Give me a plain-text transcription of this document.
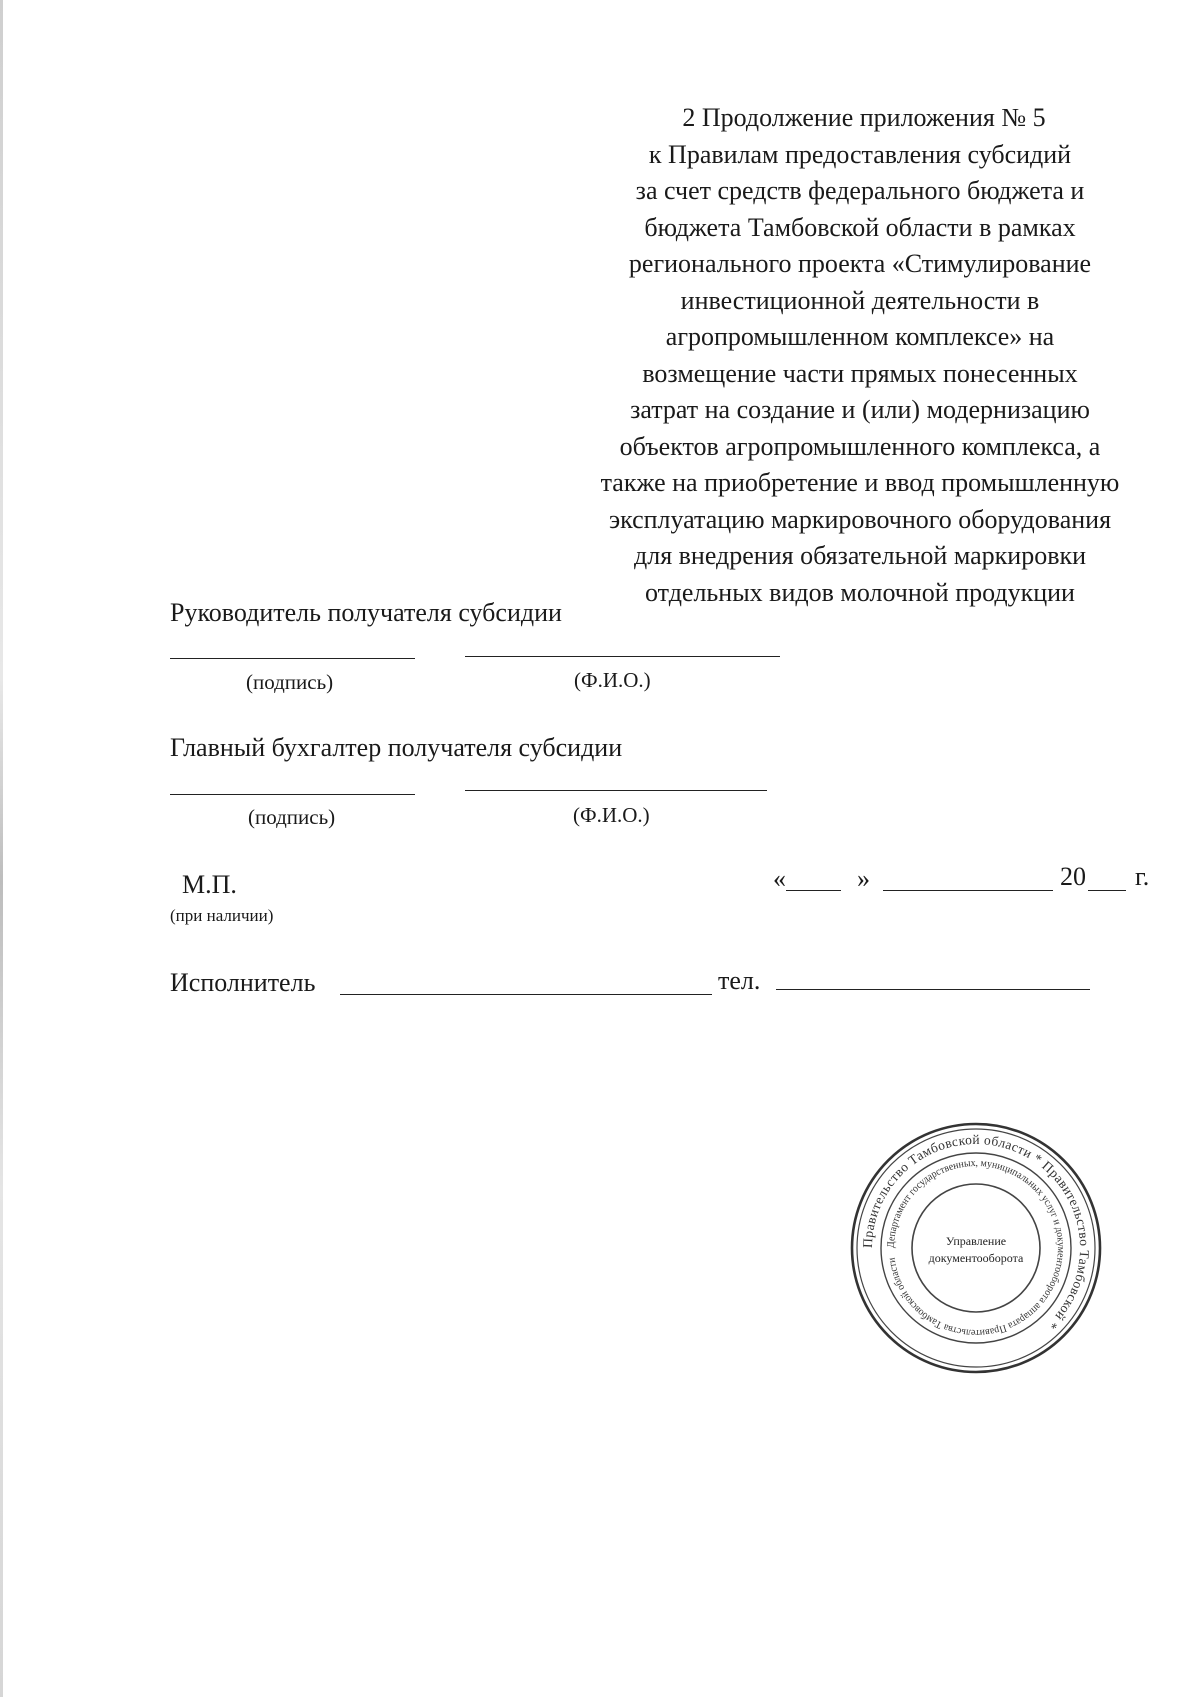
2 Продолжение приложения № 5
к Правилам предоставления субсидий
за счет средств федерального бюджета и
бюджета Тамбовской области в рамках
регионального проекта «Стимулирование
инвестиционной деятельности в
агропромышленном комплексе» на
возмещение части прямых понесенных
затрат на создание и (или) модернизацию
объектов агропромышленного комплекса, а
также на приобретение и ввод промышленную
эксплуатацию маркировочного оборудования
для внедрения обязательной маркировки
отдельных видов молочной продукции
Руководитель получателя субсидии
(подпись)	(Ф.И.О.)
Главный бухгалтер получателя субсидии
(подпись)	(Ф.И.О.)
М.П.
(при наличии)
«	»	20 г.
Исполнитель	тел.
Правительство Тамбовской области * Правительство Тамбовской *
Департамент государственных, муниципальных услуг и документооборота аппарата Правительства Тамбовской области
Управление
документооборота
